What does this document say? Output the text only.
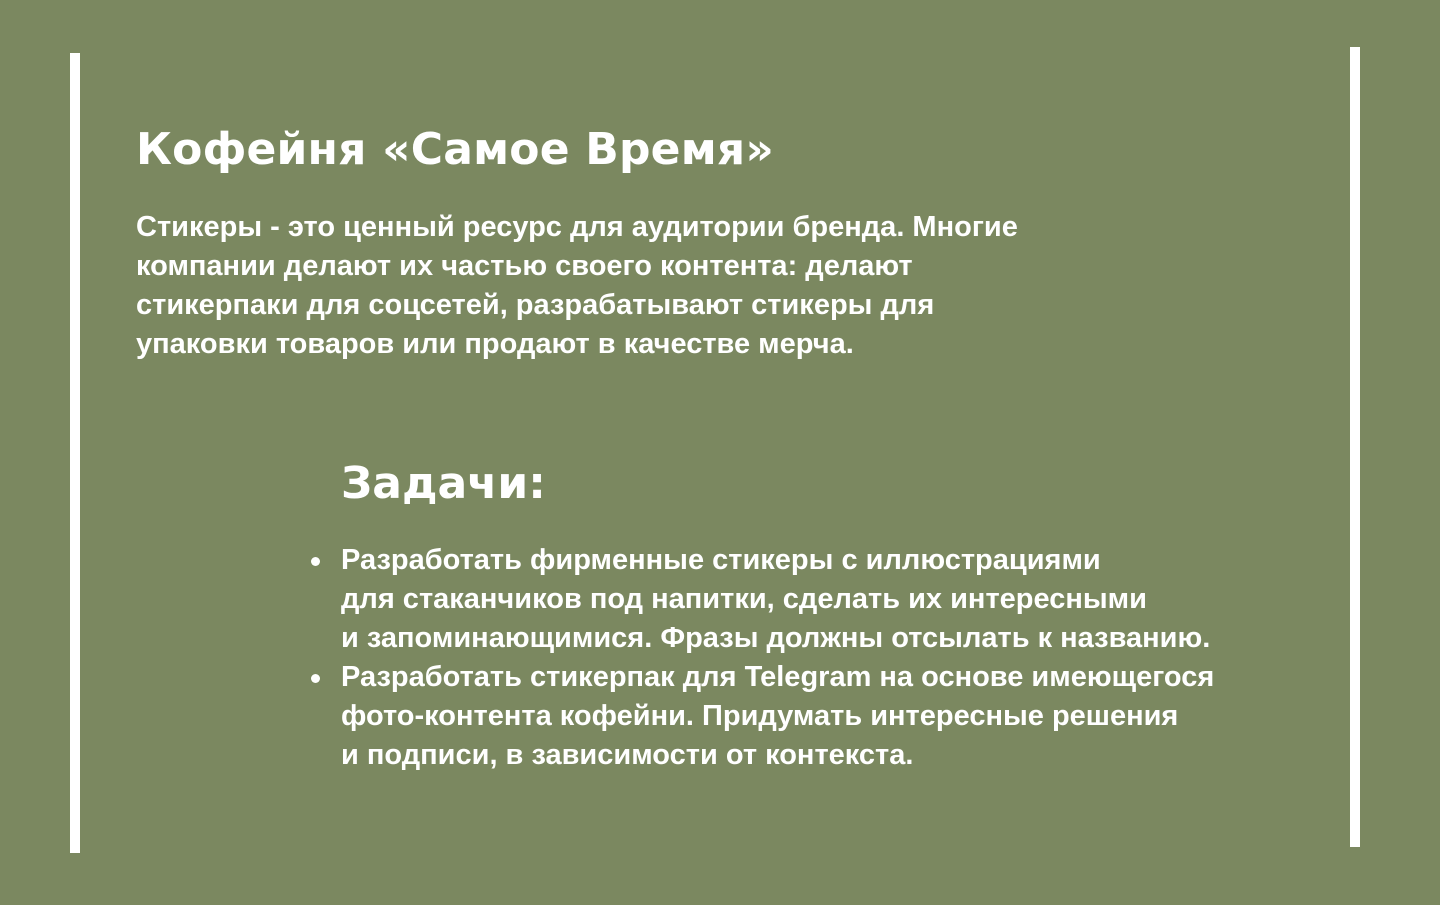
Кофейня «Самое Время»

Стикеры - это ценный ресурс для аудитории бренда. Многие
компании делают их частью своего контента: делают
стикерпаки для соцсетей, разрабатывают стикеры для
упаковки товаров или продают в качестве мерча.

Задачи:
Разработать фирменные стикеры с иллюстрациями
для стаканчиков под напитки, сделать их интересными
и запоминающимися. Фразы должны отсылать к названию.
Разработать стикерпак для Telegram на основе имеющегося
фото-контента кофейни. Придумать интересные решения
и подписи, в зависимости от контекста.
